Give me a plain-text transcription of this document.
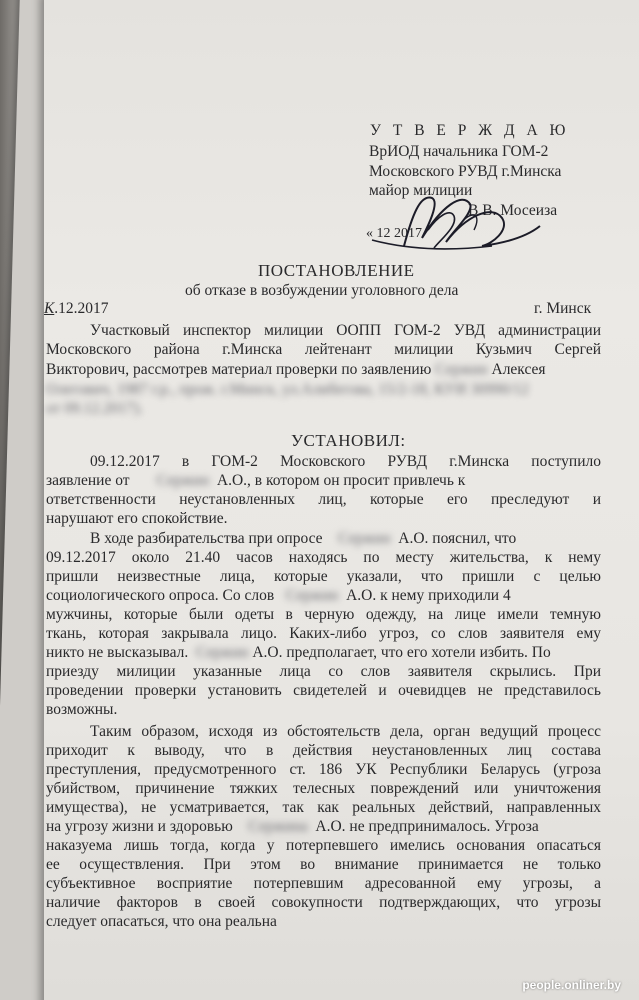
У Т В Е Р Ж Д А Ю
ВрИОД начальника ГОМ-2
Московского РУВД г.Минска
майор милиции
В.В. Мосеиза
« 12 2017
ПОСТАНОВЛЕНИЕ
об отказе в возбуждении уголовного дела
К.12.2017	г. Минск
Участковый инспектор милиции ООПП ГОМ-2 УВД администрации
Московского района г.Минска лейтенант милиции Кузьмич Сергей
Викторович, рассмотрев материал проверки по заявлению Сержин Алексея
Олегович, 1987 г.р., прож. г.Минск, ул.Алибегова, 15/2-18, КУИ 30990/12
от 09.12.2017).
УСТАНОВИЛ:
09.12.2017 в ГОМ-2 Московского РУВД г.Минска поступило
заявление от Сержин А.О., в котором он просит привлечь к
ответственности неустановленных лиц, которые его преследуют и
нарушают его спокойствие.
В ходе разбирательства при опросе Сержин А.О. пояснил, что
09.12.2017 около 21.40 часов находясь по месту жительства, к нему
пришли неизвестные лица, которые указали, что пришли с целью
социологического опроса. Со слов Сержин А.О. к нему приходили 4
мужчины, которые были одеты в черную одежду, на лице имели темную
ткань, которая закрывала лицо. Каких-либо угроз, со слов заявителя ему
никто не высказывал. Сержин А.О. предполагает, что его хотели избить. По
приезду милиции указанные лица со слов заявителя скрылись. При
проведении проверки установить свидетелей и очевидцев не представилось
возможны.
Таким образом, исходя из обстоятельств дела, орган ведущий процесс
приходит к выводу, что в действия неустановленных лиц состава
преступления, предусмотренного ст. 186 УК Республики Беларусь (угроза
убийством, причинение тяжких телесных повреждений или уничтожения
имущества), не усматривается, так как реальных действий, направленных
на угрозу жизни и здоровью Сержина А.О. не предпринималось. Угроза
наказуема лишь тогда, когда у потерпевшего имелись основания опасаться
ее осуществления. При этом во внимание принимается не только
субъективное восприятие потерпевшим адресованной ему угрозы, а
наличие факторов в своей совокупности подтверждающих, что угрозы
следует опасаться, что она реальна
people.onliner.by
